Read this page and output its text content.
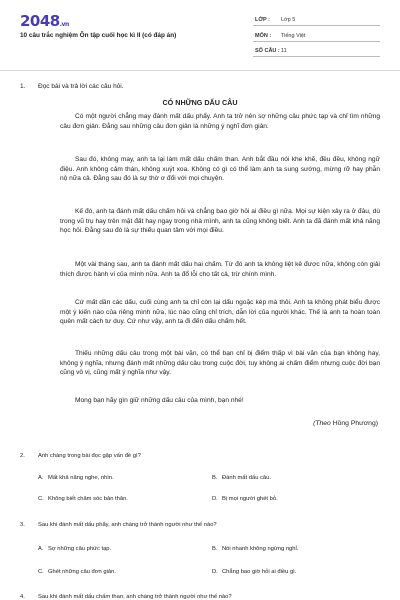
2048.vn
10 câu trắc nghiệm Ôn tập cuối học kì II (có đáp án)
LỚP : Lớp 5
MÔN : Tiếng Việt
SỐ CÂU : 11
1. Đọc bài và trả lời các câu hỏi.
CÓ NHỮNG DẤU CÂU

Có một người chẳng may đánh mất dấu phẩy. Anh ta trở nên sợ những câu phức tạp và chỉ tìm những câu đơn giản. Đằng sau những câu đơn giản là những ý nghĩ đơn giản.

Sau đó, không may, anh ta lại làm mất dấu chấm than. Anh bắt đầu nói khe khẽ, đều đều, không ngữ điệu. Anh không cảm thán, không xuýt xoa. Không có gì có thể làm anh ta sung sướng, mừng rỡ hay phẫn nộ nữa cả. Đằng sau đó là sự thờ ơ đối với mọi chuyện.

Kế đó, anh ta đánh mất dấu chấm hỏi và chẳng bao giờ hỏi ai điều gì nữa. Mọi sự kiện xảy ra ở đâu, dù trong vũ trụ hay trên mặt đất hay ngay trong nhà mình, anh ta cũng không biết. Anh ta đã đánh mất khả năng học hỏi. Đằng sau đó là sự thiếu quan tâm với mọi điều.

Một vài tháng sau, anh ta đánh mất dấu hai chấm. Từ đó anh ta không liệt kê được nữa, không còn giải thích được hành vi của mình nữa. Anh ta đổ lỗi cho tất cả, trừ chính mình.

Cứ mất dần các dấu, cuối cùng anh ta chỉ còn lại dấu ngoặc kép mà thôi. Anh ta không phát biểu được một ý kiến nào của riêng mình nữa, lúc nào cũng chỉ trích, dẫn lời của người khác. Thế là anh ta hoàn toàn quên mất cách tư duy. Cứ như vậy, anh ta đi đến dấu chấm hết.

Thiếu những dấu câu trong một bài văn, có thể bạn chỉ bị điểm thấp vì bài văn của bạn không hay, không ý nghĩa, nhưng đánh mất những dấu câu trong cuộc đời, tuy không ai chấm điểm nhưng cuộc đời bạn cũng vô vị, cũng mất ý nghĩa như vậy.

Mong bạn hãy gìn giữ những dấu câu của mình, bạn nhé!

(Theo Hồng Phương)
2. Anh chàng trong bài đọc gặp vấn đề gì?
A. Mất khả năng nghe, nhìn.	B. Đánh mất dấu câu.
C. Không biết chăm sóc bản thân.	D. Bị mọi người ghét bỏ.
3. Sau khi đánh mất dấu phẩy, anh chàng trở thành người như thế nào?
A. Sợ những câu phức tạp.	B. Nói nhanh không ngừng nghỉ.
C. Ghét những câu đơn giản.	D. Chẳng bao giờ hỏi ai điều gì.
4. Sau khi đánh mất dấu chấm than, anh chàng trở thành người như thế nào?
